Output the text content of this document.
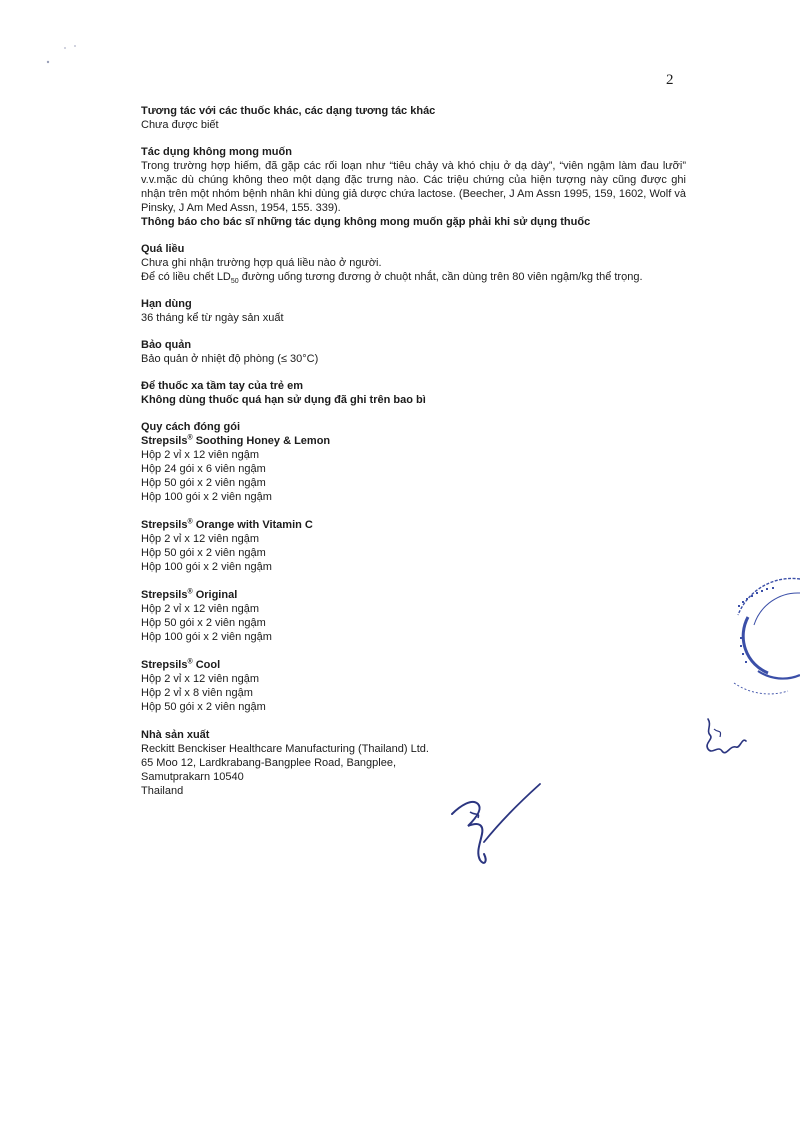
2

Tương tác với các thuốc khác, các dạng tương tác khác

Chưa được biết

Tác dụng không mong muốn

Trong trường hợp hiếm, đã gặp các rối loạn như “tiêu chảy và khó chịu ở dạ dày”, “viên ngậm làm đau lưỡi” v.v.mặc dù chúng không theo một dạng đặc trưng nào. Các triệu chứng của hiện tượng này cũng được ghi nhận trên một nhóm bệnh nhân khi dùng giả dược chứa lactose. (Beecher, J Am Assn 1995, 159, 1602, Wolf và Pinsky, J Am Med Assn, 1954, 155. 339).

Thông báo cho bác sĩ những tác dụng không mong muốn gặp phải khi sử dụng thuốc

Quá liều

Chưa ghi nhận trường hợp quá liều nào ở người.

Để có liều chết $LD_{50}$ đường uống tương đương ở chuột nhắt, cần dùng trên 80 viên ngậm/kg thể trọng.

Hạn dùng

36 tháng kể từ ngày sản xuất

Bảo quản

Bảo quản ở nhiệt độ phòng (≤ 30°C)

Để thuốc xa tầm tay của trẻ em

Không dùng thuốc quá hạn sử dụng đã ghi trên bao bì

Quy cách đóng gói

Strepsils® Soothing Honey & Lemon

Hộp 2 vỉ x 12 viên ngậm

Hộp 24 gói x 6 viên ngậm

Hộp 50 gói x 2 viên ngậm

Hộp 100 gói x 2 viên ngậm

Strepsils® Orange with Vitamin C

Hộp 2 vỉ x 12 viên ngậm

Hộp 50 gói x 2 viên ngậm

Hộp 100 gói x 2 viên ngậm

Strepsils® Original

Hộp 2 vỉ x 12 viên ngậm

Hộp 50 gói x 2 viên ngậm

Hộp 100 gói x 2 viên ngậm

Strepsils® Cool

Hộp 2 vỉ x 12 viên ngậm

Hộp 2 vỉ x 8 viên ngậm

Hộp 50 gói x 2 viên ngậm

Nhà sản xuất

Reckitt Benckiser Healthcare Manufacturing (Thailand) Ltd.

65 Moo 12, Lardkrabang-Bangplee Road, Bangplee,

Samutprakarn 10540

Thailand
